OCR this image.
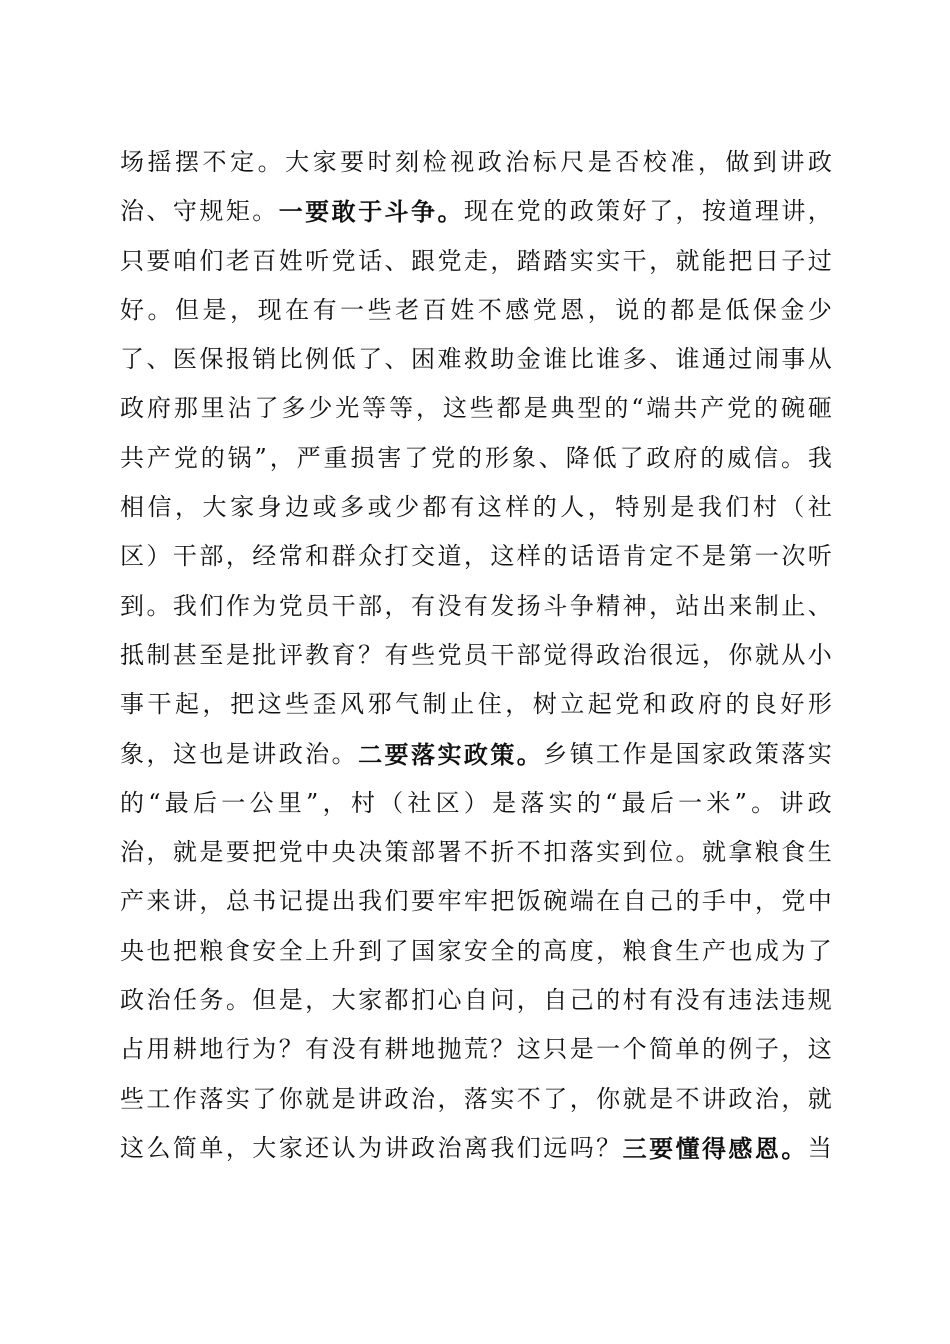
场 摇 摆 不 定 。 大 家 要 时 刻 检 视 政 治 标 尺 是 否 校 准 ， 做 到 讲 政
治 、 守 规 矩 。 一 要 敢 于 斗 争 。 现 在 党 的 政 策 好 了 ， 按 道 理 讲 ，
只 要 咱 们 老 百 姓 听 党 话 、 跟 党 走 ， 踏 踏 实 实 干 ， 就 能 把 日 子 过
好 。 但 是 ， 现 在 有 一 些 老 百 姓 不 感 党 恩 ， 说 的 都 是 低 保 金 少
了 、 医 保 报 销 比 例 低 了 、 困 难 救 助 金 谁 比 谁 多 、 谁 通 过 闹 事 从
政 府 那 里 沾 了 多 少 光 等 等 ， 这 些 都 是 典 型 的 “ 端 共 产 党 的 碗 砸
共 产 党 的 锅 ” ， 严 重 损 害 了 党 的 形 象 、 降 低 了 政 府 的 威 信 。 我
相 信 ， 大 家 身 边 或 多 或 少 都 有 这 样 的 人 ， 特 别 是 我 们 村 （ 社
区 ） 干 部 ， 经 常 和 群 众 打 交 道 ， 这 样 的 话 语 肯 定 不 是 第 一 次 听
到 。 我 们 作 为 党 员 干 部 ， 有 没 有 发 扬 斗 争 精 神 ， 站 出 来 制 止 、
抵 制 甚 至 是 批 评 教 育 ？ 有 些 党 员 干 部 觉 得 政 治 很 远 ， 你 就 从 小
事 干 起 ， 把 这 些 歪 风 邪 气 制 止 住 ， 树 立 起 党 和 政 府 的 良 好 形
象 ， 这 也 是 讲 政 治 。 二 要 落 实 政 策 。 乡 镇 工 作 是 国 家 政 策 落 实
的 “ 最 后 一 公 里 ” ， 村 （ 社 区 ） 是 落 实 的 “ 最 后 一 米 ” 。 讲 政
治 ， 就 是 要 把 党 中 央 决 策 部 署 不 折 不 扣 落 实 到 位 。 就 拿 粮 食 生
产 来 讲 ， 总 书 记 提 出 我 们 要 牢 牢 把 饭 碗 端 在 自 己 的 手 中 ， 党 中
央 也 把 粮 食 安 全 上 升 到 了 国 家 安 全 的 高 度 ， 粮 食 生 产 也 成 为 了
政 治 任 务 。 但 是 ， 大 家 都 扪 心 自 问 ， 自 己 的 村 有 没 有 违 法 违 规
占 用 耕 地 行 为 ？ 有 没 有 耕 地 抛 荒 ？ 这 只 是 一 个 简 单 的 例 子 ， 这
些 工 作 落 实 了 你 就 是 讲 政 治 ， 落 实 不 了 ， 你 就 是 不 讲 政 治 ， 就
这 么 简 单 ， 大 家 还 认 为 讲 政 治 离 我 们 远 吗 ？ 三 要 懂 得 感 恩 。 当
